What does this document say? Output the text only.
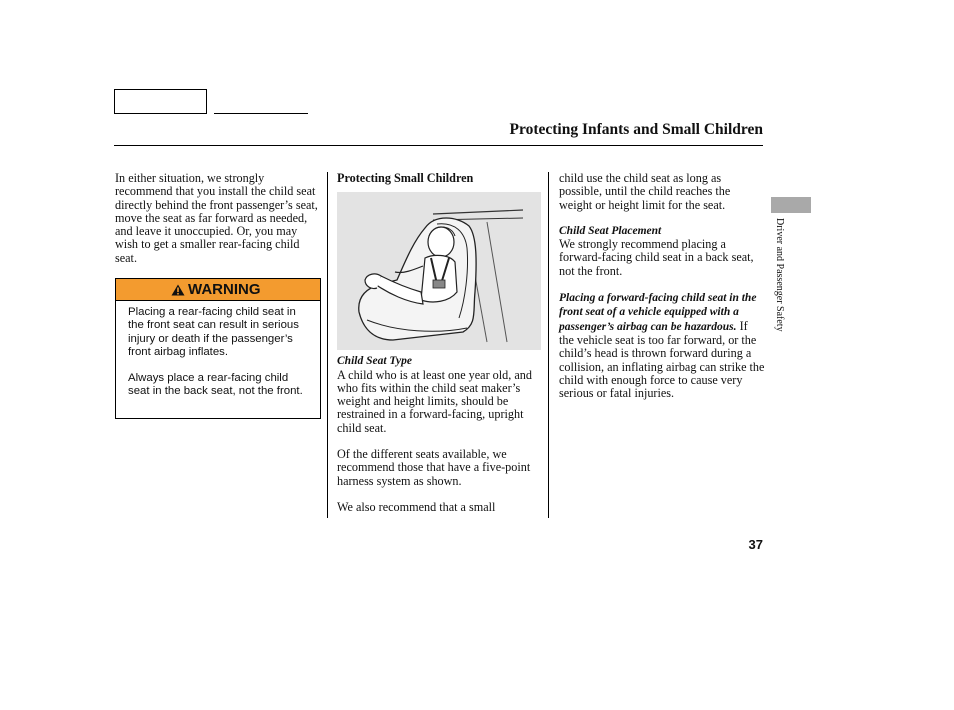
Protecting Infants and Small Children

In either situation, we strongly recommend that you install the child seat directly behind the front passenger’s seat, move the seat as far forward as needed, and leave it unoccupied. Or, you may wish to get a smaller rear-facing child seat.

WARNING

Placing a rear-facing child seat in the front seat can result in serious injury or death if the passenger’s front airbag inflates.

Always place a rear-facing child seat in the back seat, not the front.

Protecting Small Children
Child Seat Type

A child who is at least one year old, and who fits within the child seat maker’s weight and height limits, should be restrained in a forward-facing, upright child seat.

Of the different seats available, we recommend those that have a five-point harness system as shown.

We also recommend that a small

child use the child seat as long as possible, until the child reaches the weight or height limit for the seat.

Child Seat Placement

We strongly recommend placing a forward-facing child seat in a back seat, not the front.

Placing a forward-facing child seat in the front seat of a vehicle equipped with a passenger’s airbag can be hazardous. If the vehicle seat is too far forward, or the child’s head is thrown forward during a collision, an inflating airbag can strike the child with enough force to cause very serious or fatal injuries.

Driver and Passenger Safety
37
